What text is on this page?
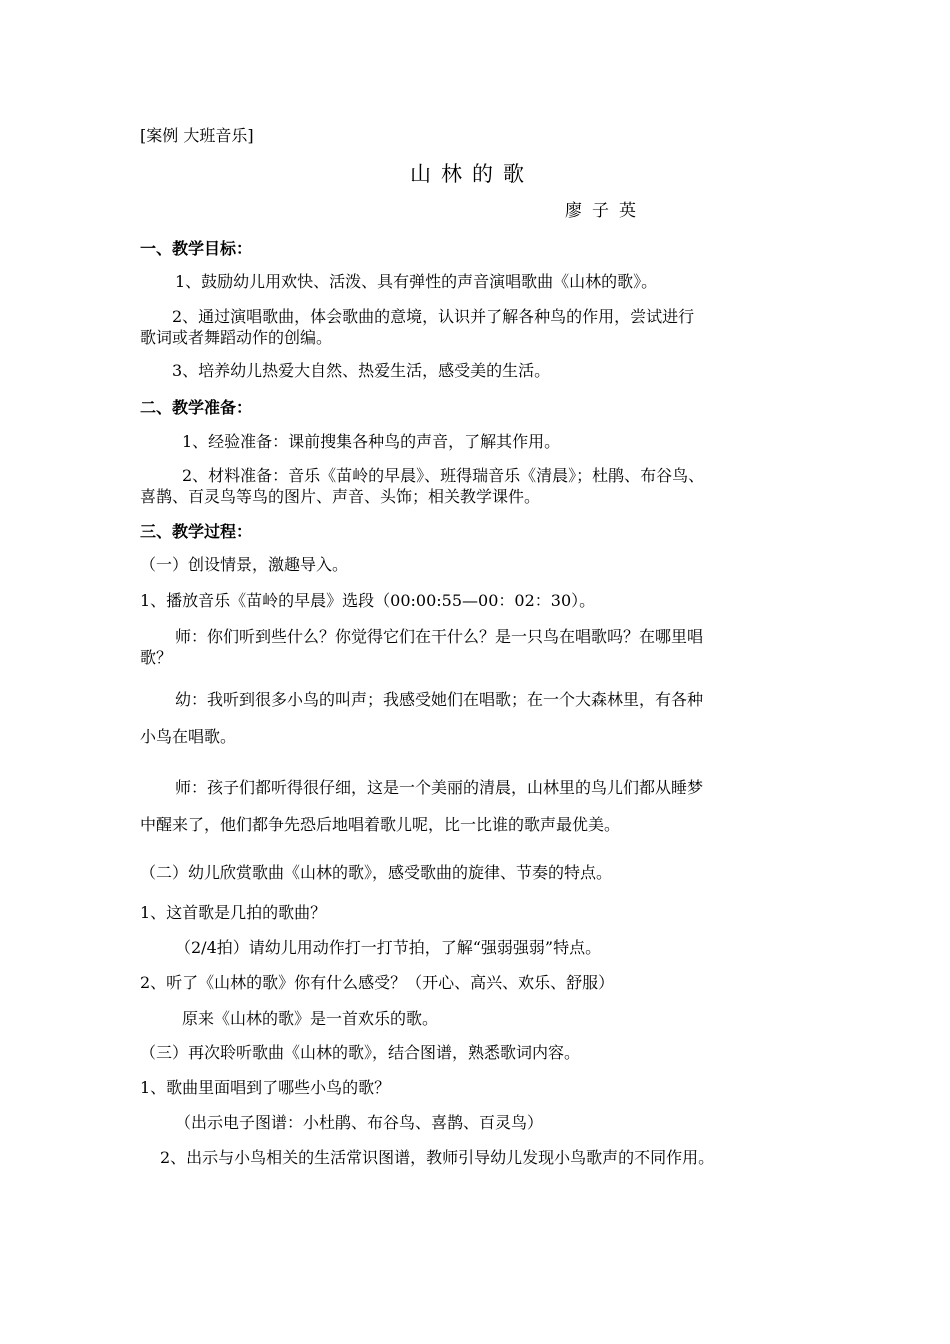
[案例 大班音乐]
山林的歌
廖子英
一、教学目标：
1、鼓励幼儿用欢快、活泼、具有弹性的声音演唱歌曲《山林的歌》。
2、通过演唱歌曲，体会歌曲的意境，认识并了解各种鸟的作用，尝试进行
歌词或者舞蹈动作的创编。
3、培养幼儿热爱大自然、热爱生活，感受美的生活。
二、教学准备：
1、经验准备：课前搜集各种鸟的声音，了解其作用。
2、材料准备：音乐《苗岭的早晨》、班得瑞音乐《清晨》；杜鹃、布谷鸟、
喜鹊、百灵鸟等鸟的图片、声音、头饰；相关教学课件。
三、教学过程：
（一）创设情景，激趣导入。
1、播放音乐《苗岭的早晨》选段（00:00:55—00：02：30）。
师：你们听到些什么？你觉得它们在干什么？是一只鸟在唱歌吗？在哪里唱
歌？
幼：我听到很多小鸟的叫声；我感受她们在唱歌；在一个大森林里，有各种
小鸟在唱歌。
师：孩子们都听得很仔细，这是一个美丽的清晨，山林里的鸟儿们都从睡梦
中醒来了，他们都争先恐后地唱着歌儿呢，比一比谁的歌声最优美。
（二）幼儿欣赏歌曲《山林的歌》，感受歌曲的旋律、节奏的特点。
1、这首歌是几拍的歌曲？
（2/4拍）请幼儿用动作打一打节拍，了解“强弱强弱”特点。
2、听了《山林的歌》你有什么感受？（开心、高兴、欢乐、舒服）
原来《山林的歌》是一首欢乐的歌。
（三）再次聆听歌曲《山林的歌》，结合图谱，熟悉歌词内容。
1、歌曲里面唱到了哪些小鸟的歌？
（出示电子图谱：小杜鹃、布谷鸟、喜鹊、百灵鸟）
2、出示与小鸟相关的生活常识图谱，教师引导幼儿发现小鸟歌声的不同作用。
